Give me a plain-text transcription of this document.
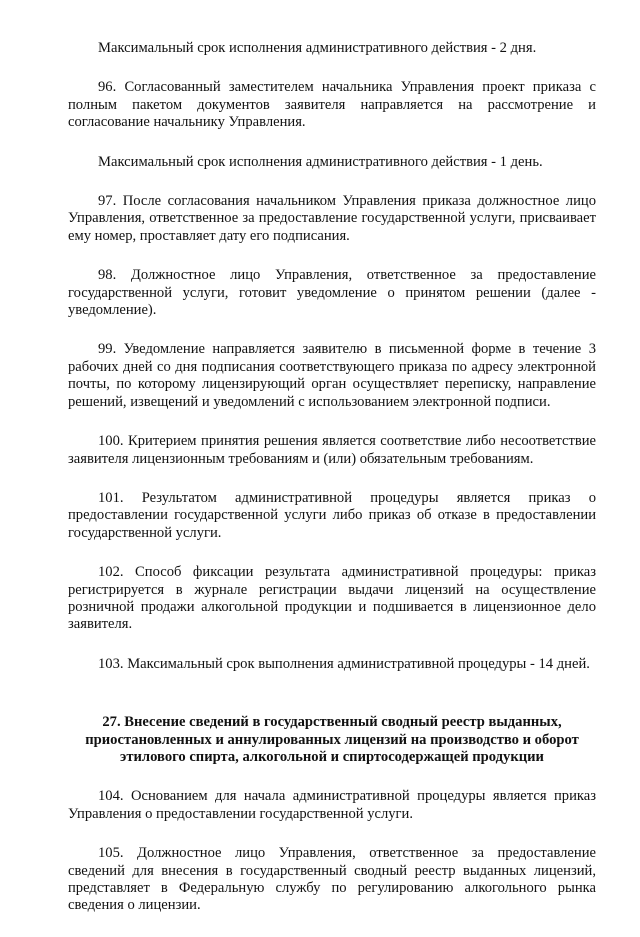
Максимальный срок исполнения административного действия - 2 дня.

96. Согласованный заместителем начальника Управления проект приказа с полным пакетом документов заявителя направляется на рассмотрение и согласование начальнику Управления.

Максимальный срок исполнения административного действия - 1 день.

97. После согласования начальником Управления приказа должностное лицо Управления, ответственное за предоставление государственной услуги, присваивает ему номер, проставляет дату его подписания.

98. Должностное лицо Управления, ответственное за предоставление государственной услуги, готовит уведомление о принятом решении (далее - уведомление).

99. Уведомление направляется заявителю в письменной форме в течение 3 рабочих дней со дня подписания соответствующего приказа по адресу электронной почты, по которому лицензирующий орган осуществляет переписку, направление решений, извещений и уведомлений с использованием электронной подписи.

100. Критерием принятия решения является соответствие либо несоответствие заявителя лицензионным требованиям и (или) обязательным требованиям.

101. Результатом административной процедуры является приказ о предоставлении государственной услуги либо приказ об отказе в предоставлении государственной услуги.

102. Способ фиксации результата административной процедуры: приказ регистрируется в журнале регистрации выдачи лицензий на осуществление розничной продажи алкогольной продукции и подшивается в лицензионное дело заявителя.

103. Максимальный срок выполнения административной процедуры - 14 дней.

27. Внесение сведений в государственный сводный реестр выданных, приостановленных и аннулированных лицензий на производство и оборот этилового спирта, алкогольной и спиртосодержащей продукции

104. Основанием для начала административной процедуры является приказ Управления о предоставлении государственной услуги.

105. Должностное лицо Управления, ответственное за предоставление сведений для внесения в государственный сводный реестр выданных лицензий, представляет в Федеральную службу по регулированию алкогольного рынка сведения о лицензии.
